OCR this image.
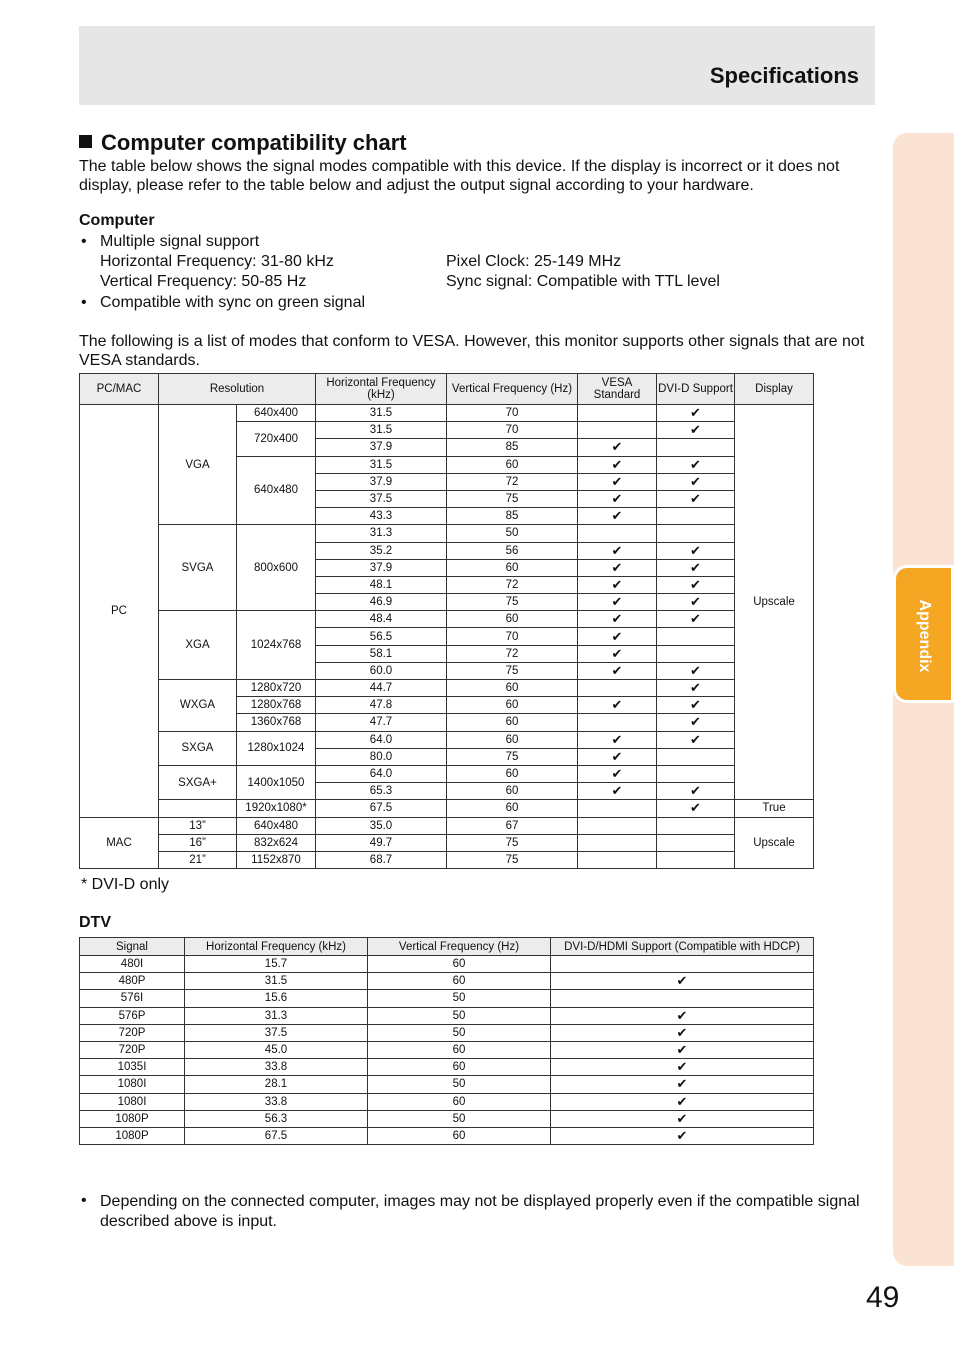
Specifications
Appendix
Computer compatibility chart

The table below shows the signal modes compatible with this device. If the display is incorrect or it does not display, please refer to the table below and adjust the output signal according to your hardware.

Computer
• Multiple signal support
Horizontal Frequency: 31-80 kHz	Pixel Clock: 25-149 MHz
Vertical Frequency: 50-85 Hz	Sync signal: Compatible with TTL level
• Compatible with sync on green signal

The following is a list of modes that conform to VESA. However, this monitor supports other signals that are not VESA standards.

PC/MAC	Resolution		Horizontal Frequency (kHz)	Vertical Frequency (Hz)	VESA Standard	DVI-D Support	Display
PC	VGA	640x400	31.5	70		✔	Upscale
		720x400	31.5	70		✔	
			37.9	85	✔		
		640x480	31.5	60	✔	✔	
			37.9	72	✔	✔	
			37.5	75	✔	✔	
			43.3	85	✔		
	SVGA	800x600	31.3	50			
			35.2	56	✔	✔	
			37.9	60	✔	✔	
			48.1	72	✔	✔	
			46.9	75	✔	✔	
	XGA	1024x768	48.4	60	✔	✔	
			56.5	70	✔		
			58.1	72	✔		
			60.0	75	✔	✔	
	WXGA	1280x720	44.7	60		✔	
		1280x768	47.8	60	✔	✔	
		1360x768	47.7	60		✔	
	SXGA	1280x1024	64.0	60	✔	✔	
			80.0	75	✔		
	SXGA+	1400x1050	64.0	60	✔		
			65.3	60	✔	✔	
		1920x1080*	67.5	60		✔	True
MAC	13”	640x480	35.0	67			Upscale
	16”	832x624	49.7	75			
	21”	1152x870	68.7	75			
* DVI-D only
DTV
Signal	Horizontal Frequency (kHz)	Vertical Frequency (Hz)	DVI-D/HDMI Support (Compatible with HDCP)
480I	15.7	60	
480P	31.5	60	✔
576I	15.6	50	
576P	31.3	50	✔
720P	37.5	50	✔
720P	45.0	60	✔
1035I	33.8	60	✔
1080I	28.1	50	✔
1080I	33.8	60	✔
1080P	56.3	50	✔
1080P	67.5	60	✔
• Depending on the connected computer, images may not be displayed properly even if the compatible signal described above is input.

49
